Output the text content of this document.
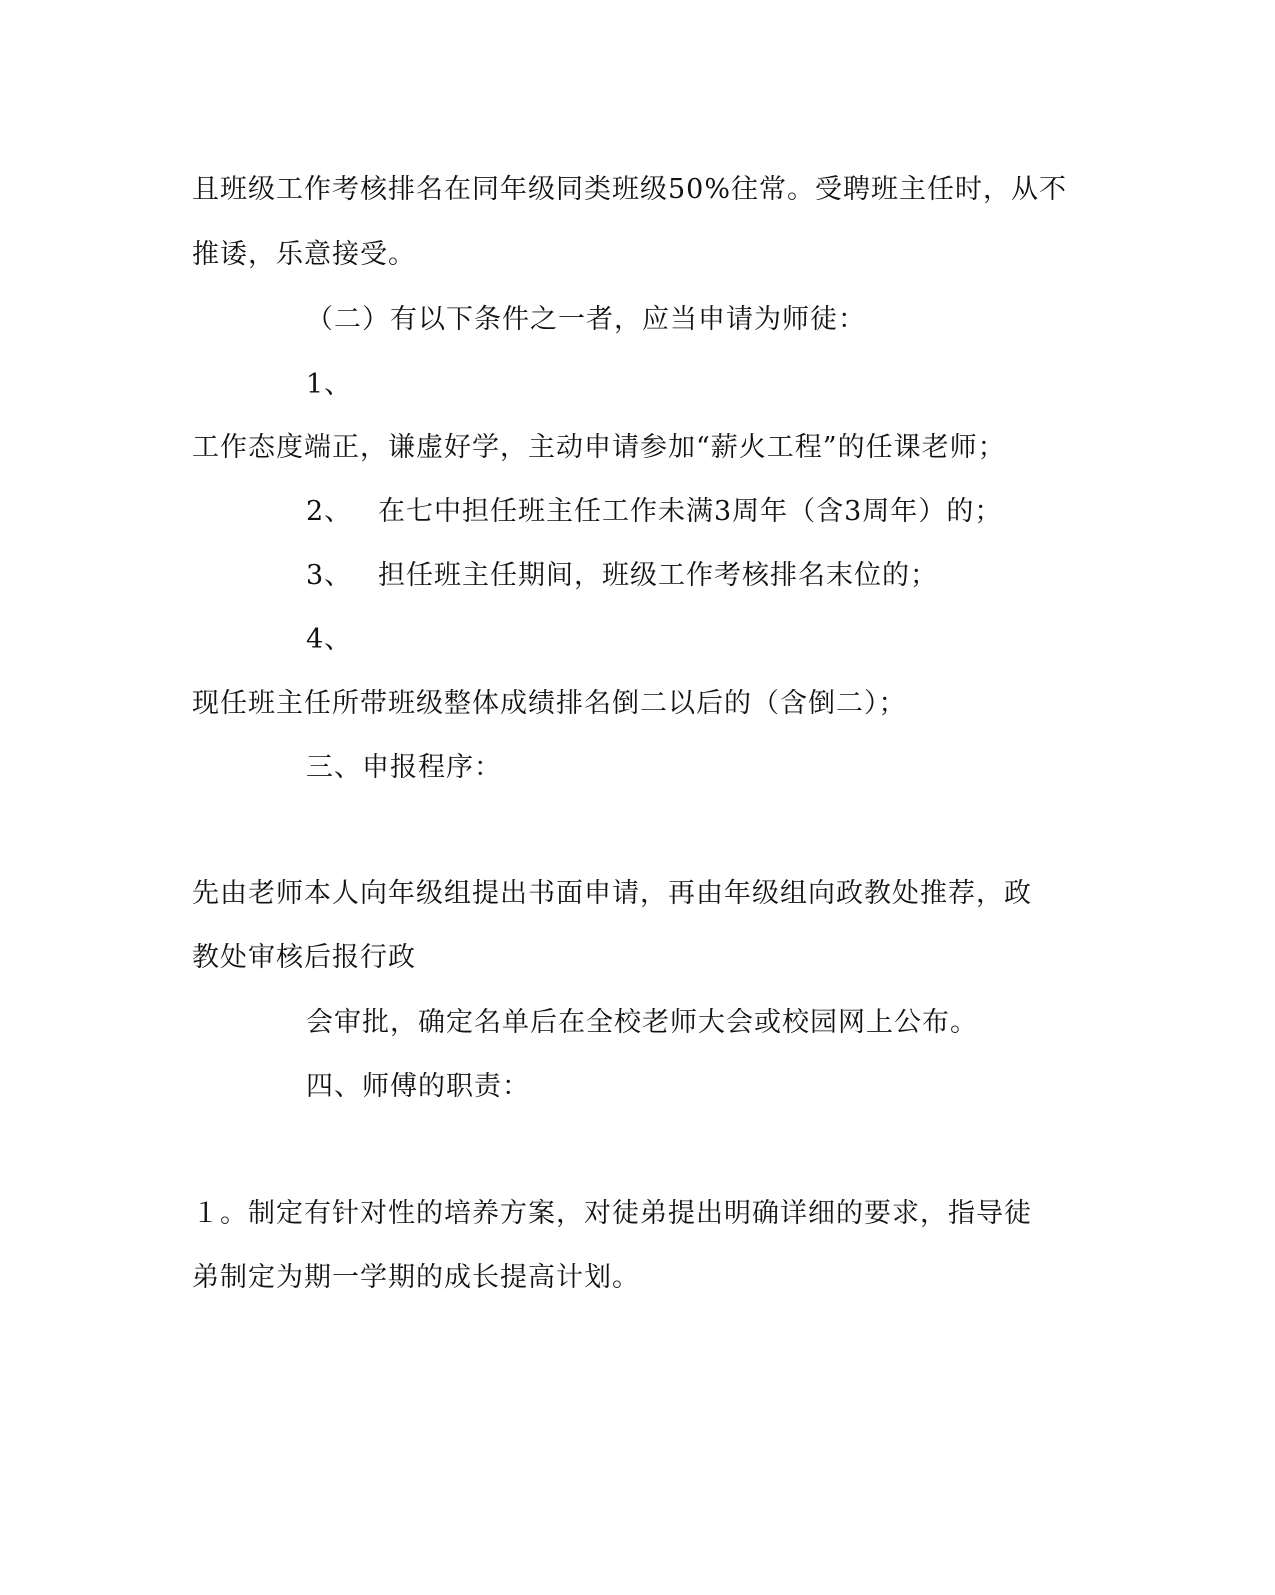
且班级工作考核排名在同年级同类班级50%往常。受聘班主任时，从不
推诿，乐意接受。
（二）有以下条件之一者，应当申请为师徒：
1、
工作态度端正，谦虚好学，主动申请参加“薪火工程”的任课老师；
2、 在七中担任班主任工作未满3周年（含3周年）的；
3、 担任班主任期间，班级工作考核排名末位的；
4、
现任班主任所带班级整体成绩排名倒二以后的（含倒二）；
三、申报程序：
先由老师本人向年级组提出书面申请，再由年级组向政教处推荐，政
教处审核后报行政
会审批，确定名单后在全校老师大会或校园网上公布。
四、师傅的职责：
１。制定有针对性的培养方案，对徒弟提出明确详细的要求，指导徒
弟制定为期一学期的成长提高计划。
